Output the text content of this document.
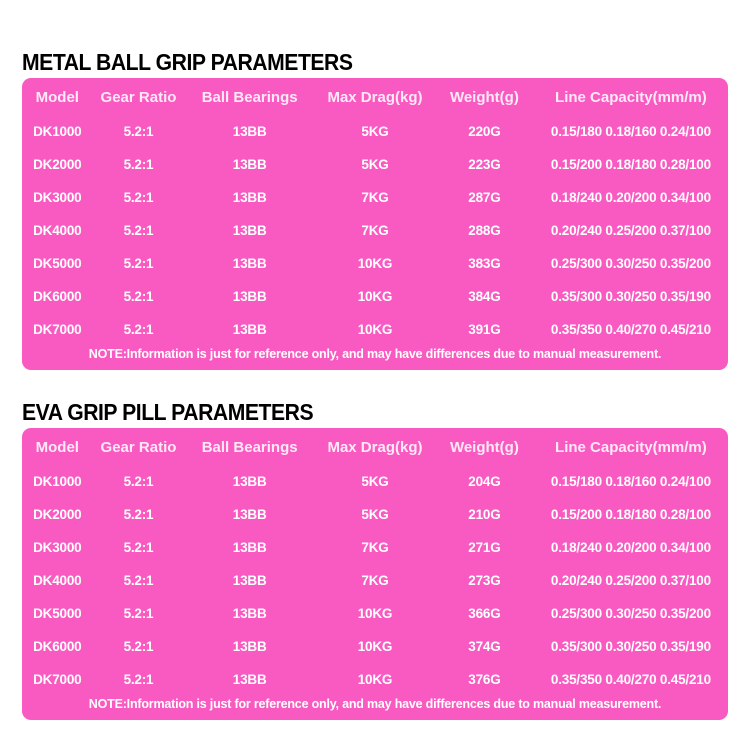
METAL BALL GRIP PARAMETERS
Model	Gear Ratio	Ball Bearings	Max Drag(kg)	Weight(g)	Line Capacity(mm/m)
DK1000	5.2:1	13BB	5KG	220G	0.15/180 0.18/160 0.24/100
DK2000	5.2:1	13BB	5KG	223G	0.15/200 0.18/180 0.28/100
DK3000	5.2:1	13BB	7KG	287G	0.18/240 0.20/200 0.34/100
DK4000	5.2:1	13BB	7KG	288G	0.20/240 0.25/200 0.37/100
DK5000	5.2:1	13BB	10KG	383G	0.25/300 0.30/250 0.35/200
DK6000	5.2:1	13BB	10KG	384G	0.35/300 0.30/250 0.35/190
DK7000	5.2:1	13BB	10KG	391G	0.35/350 0.40/270 0.45/210
NOTE:Information is just for reference only, and may have differences due to manual measurement.
EVA GRIP PILL PARAMETERS
Model	Gear Ratio	Ball Bearings	Max Drag(kg)	Weight(g)	Line Capacity(mm/m)
DK1000	5.2:1	13BB	5KG	204G	0.15/180 0.18/160 0.24/100
DK2000	5.2:1	13BB	5KG	210G	0.15/200 0.18/180 0.28/100
DK3000	5.2:1	13BB	7KG	271G	0.18/240 0.20/200 0.34/100
DK4000	5.2:1	13BB	7KG	273G	0.20/240 0.25/200 0.37/100
DK5000	5.2:1	13BB	10KG	366G	0.25/300 0.30/250 0.35/200
DK6000	5.2:1	13BB	10KG	374G	0.35/300 0.30/250 0.35/190
DK7000	5.2:1	13BB	10KG	376G	0.35/350 0.40/270 0.45/210
NOTE:Information is just for reference only, and may have differences due to manual measurement.
